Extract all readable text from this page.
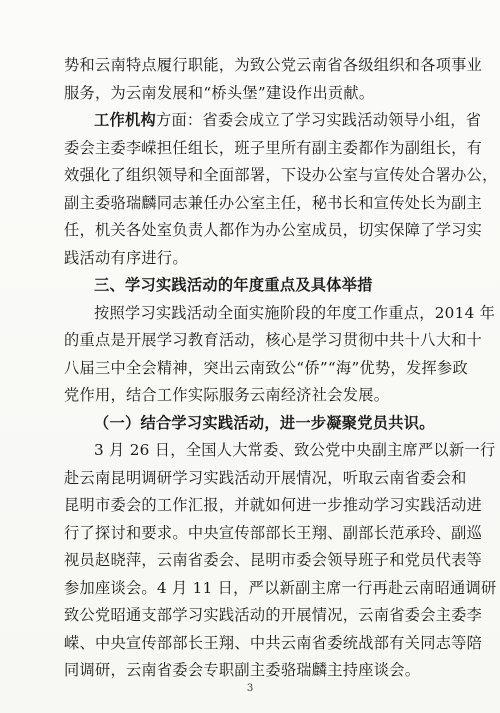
势和云南特点履行职能，为致公党云南省各级组织和各项事业
服务，为云南发展和“桥头堡”建设作出贡献。
工作机构方面：省委会成立了学习实践活动领导小组，省
委会主委李嵘担任组长，班子里所有副主委都作为副组长，有
效强化了组织领导和全面部署，下设办公室与宣传处合署办公，
副主委骆瑞麟同志兼任办公室主任，秘书长和宣传处长为副主
任，机关各处室负责人都作为办公室成员，切实保障了学习实
践活动有序进行。
三、学习实践活动的年度重点及具体举措
按照学习实践活动全面实施阶段的年度工作重点，2014 年
的重点是开展学习教育活动，核心是学习贯彻中共十八大和十
八届三中全会精神，突出云南致公“侨”“海”优势，发挥参政
党作用，结合工作实际服务云南经济社会发展。
（一）结合学习实践活动，进一步凝聚党员共识。
3 月 26 日，全国人大常委、致公党中央副主席严以新一行
赴云南昆明调研学习实践活动开展情况，听取云南省委会和
昆明市委会的工作汇报，并就如何进一步推动学习实践活动进
行了探讨和要求。中央宣传部部长王翔、副部长范承玲、副巡
视员赵晓萍，云南省委会、昆明市委会领导班子和党员代表等
参加座谈会。4 月 11 日，严以新副主席一行再赴云南昭通调研
致公党昭通支部学习实践活动的开展情况，云南省委会主委李
嵘、中央宣传部部长王翔、中共云南省委统战部有关同志等陪
同调研，云南省委会专职副主委骆瑞麟主持座谈会。
3
